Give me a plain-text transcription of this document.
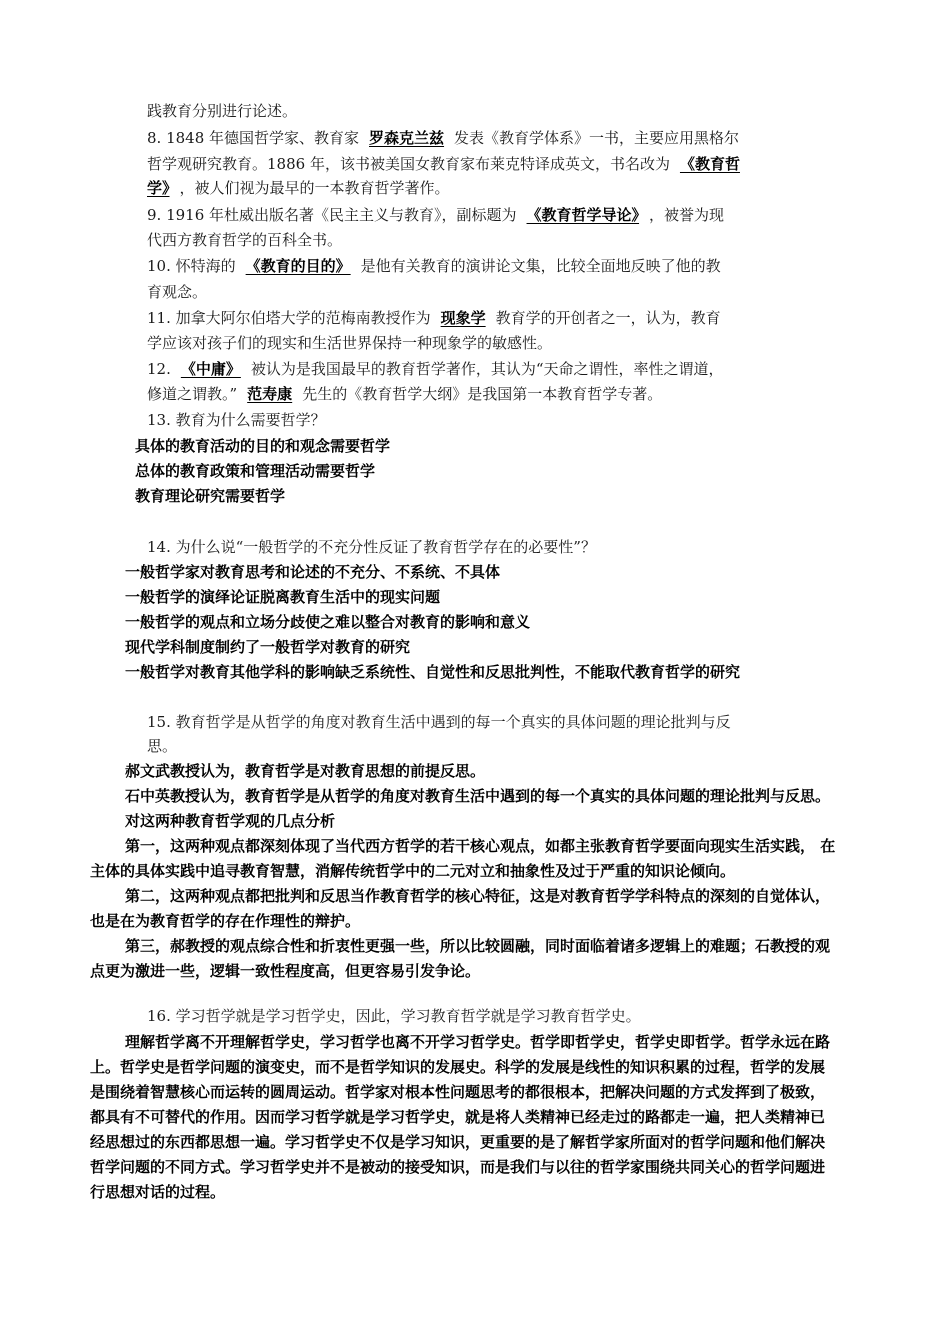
践教育分别进行论述。
8. 1848 年德国哲学家、教育家 罗森克兰兹 发表《教育学体系》一书，主要应用黑格尔
哲学观研究教育。1886 年，该书被美国女教育家布莱克特译成英文，书名改为 《教育哲
学》 ，被人们视为最早的一本教育哲学著作。
9. 1916 年杜威出版名著《民主主义与教育》，副标题为 《教育哲学导论》 ，被誉为现
代西方教育哲学的百科全书。
10. 怀特海的 《教育的目的》 是他有关教育的演讲论文集，比较全面地反映了他的教
育观念。
11. 加拿大阿尔伯塔大学的范梅南教授作为 现象学 教育学的开创者之一，认为，教育
学应该对孩子们的现实和生活世界保持一种现象学的敏感性。
12. 《中庸》 被认为是我国最早的教育哲学著作，其认为“天命之谓性，率性之谓道，
修道之谓教。” 范寿康 先生的《教育哲学大纲》是我国第一本教育哲学专著。
13. 教育为什么需要哲学？
具体的教育活动的目的和观念需要哲学
总体的教育政策和管理活动需要哲学
教育理论研究需要哲学
14. 为什么说“一般哲学的不充分性反证了教育哲学存在的必要性”？
一般哲学家对教育思考和论述的不充分、不系统、不具体
一般哲学的演绎论证脱离教育生活中的现实问题
一般哲学的观点和立场分歧使之难以整合对教育的影响和意义
现代学科制度制约了一般哲学对教育的研究
一般哲学对教育其他学科的影响缺乏系统性、自觉性和反思批判性，不能取代教育哲学的研究
15. 教育哲学是从哲学的角度对教育生活中遇到的每一个真实的具体问题的理论批判与反
思。
郝文武教授认为，教育哲学是对教育思想的前提反思。
石中英教授认为，教育哲学是从哲学的角度对教育生活中遇到的每一个真实的具体问题的理论批判与反思。
对这两种教育哲学观的几点分析
第一，这两种观点都深刻体现了当代西方哲学的若干核心观点，如都主张教育哲学要面向现实生活实践， 在
主体的具体实践中追寻教育智慧，消解传统哲学中的二元对立和抽象性及过于严重的知识论倾向。
第二，这两种观点都把批判和反思当作教育哲学的核心特征，这是对教育哲学学科特点的深刻的自觉体认，
也是在为教育哲学的存在作理性的辩护。
第三，郝教授的观点综合性和折衷性更强一些，所以比较圆融，同时面临着诸多逻辑上的难题；石教授的观
点更为激进一些，逻辑一致性程度高，但更容易引发争论。
16. 学习哲学就是学习哲学史，因此，学习教育哲学就是学习教育哲学史。
理解哲学离不开理解哲学史，学习哲学也离不开学习哲学史。哲学即哲学史，哲学史即哲学。哲学永远在路
上。哲学史是哲学问题的演变史，而不是哲学知识的发展史。科学的发展是线性的知识积累的过程，哲学的发展
是围绕着智慧核心而运转的圆周运动。哲学家对根本性问题思考的都很根本，把解决问题的方式发挥到了极致，
都具有不可替代的作用。因而学习哲学就是学习哲学史，就是将人类精神已经走过的路都走一遍，把人类精神已
经思想过的东西都思想一遍。学习哲学史不仅是学习知识，更重要的是了解哲学家所面对的哲学问题和他们解决
哲学问题的不同方式。学习哲学史并不是被动的接受知识，而是我们与以往的哲学家围绕共同关心的哲学问题进
行思想对话的过程。
